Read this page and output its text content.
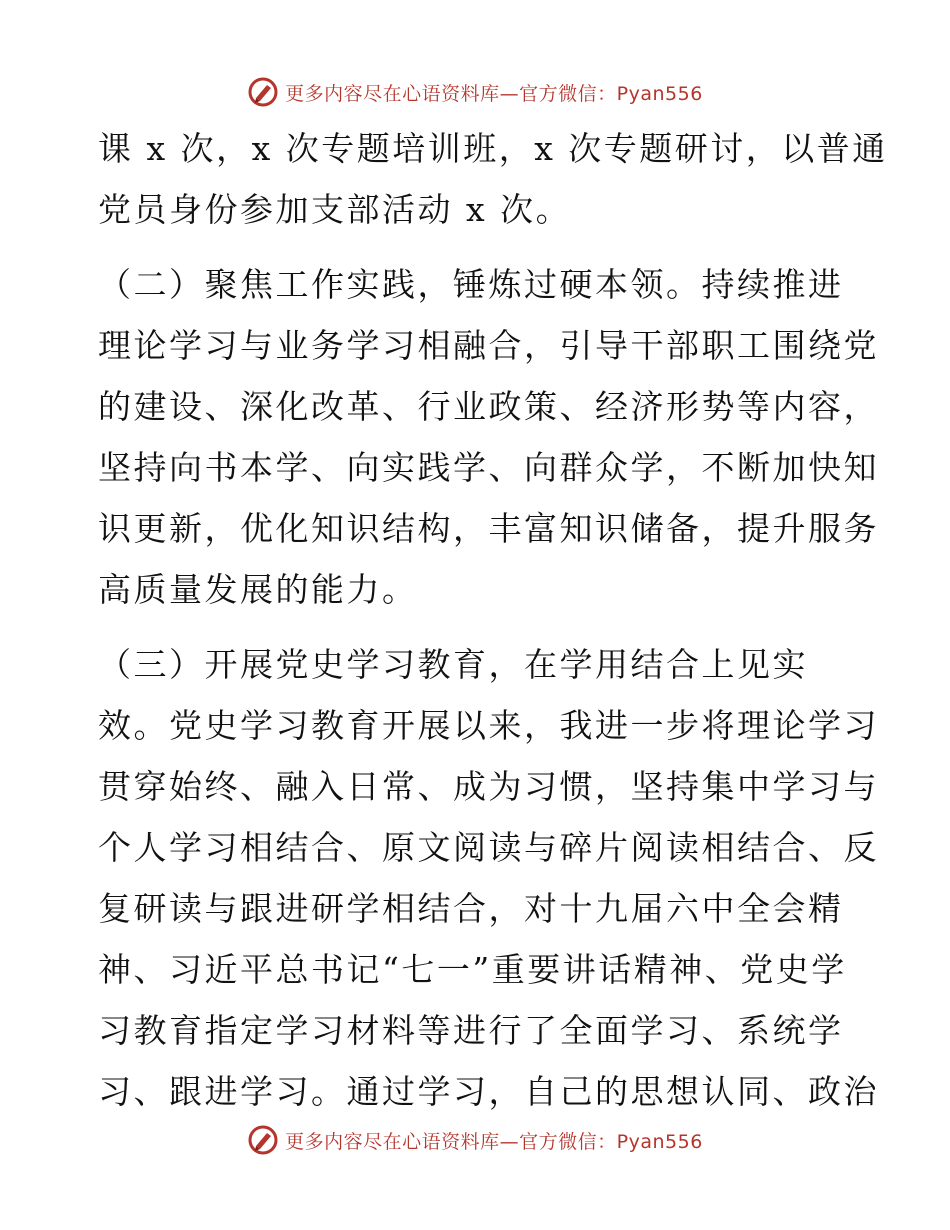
更多内容尽在心语资料库—官方微信：Pyan556

课 x 次，x 次专题培训班，x 次专题研讨，以普通
党员身份参加支部活动 x 次。

（二）聚焦工作实践，锤炼过硬本领。持续推进
理论学习与业务学习相融合，引导干部职工围绕党
的建设、深化改革、行业政策、经济形势等内容，
坚持向书本学、向实践学、向群众学，不断加快知
识更新，优化知识结构，丰富知识储备，提升服务
高质量发展的能力。

（三）开展党史学习教育，在学用结合上见实
效。党史学习教育开展以来，我进一步将理论学习
贯穿始终、融入日常、成为习惯，坚持集中学习与
个人学习相结合、原文阅读与碎片阅读相结合、反
复研读与跟进研学相结合，对十九届六中全会精
神、习近平总书记“七一”重要讲话精神、党史学
习教育指定学习材料等进行了全面学习、系统学
习、跟进学习。通过学习，自己的思想认同、政治

更多内容尽在心语资料库—官方微信：Pyan556
